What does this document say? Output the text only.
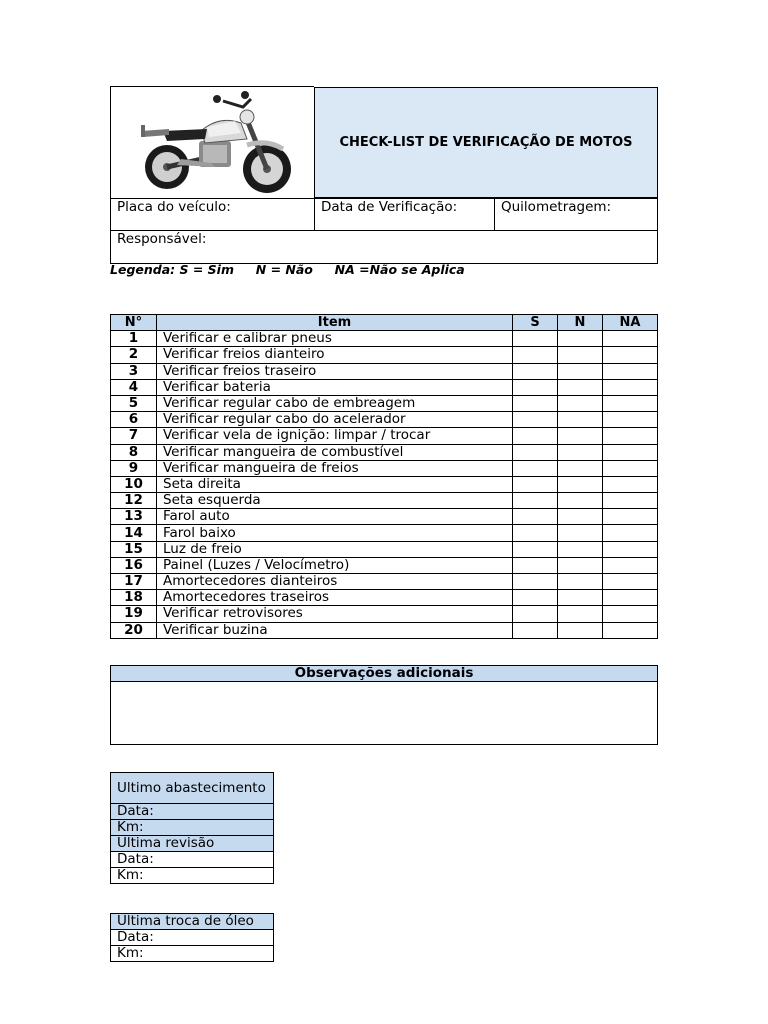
CHECK-LIST DE VERIFICAÇÃO DE MOTOS
Placa do veículo:	Data de Verificação:	Quilometragem:
Responsável:
Legenda: S = Sim     N = Não     NA =Não se Aplica
N°	Item	S	N	NA
1	Verificar e calibrar pneus			
2	Verificar freios dianteiro			
3	Verificar freios traseiro			
4	Verificar bateria			
5	Verificar regular cabo de embreagem			
6	Verificar regular cabo do acelerador			
7	Verificar vela de ignição: limpar / trocar			
8	Verificar mangueira de combustível			
9	Verificar mangueira de freios			
10	Seta direita			
12	Seta esquerda			
13	Farol auto			
14	Farol baixo			
15	Luz de freio			
16	Painel (Luzes / Velocímetro)			
17	Amortecedores dianteiros			
18	Amortecedores traseiros			
19	Verificar retrovisores			
20	Verificar buzina			
Observações adicionais
Ultimo abastecimento
Data:
Km:
Ultima revisão
Data:
Km:
Ultima troca de óleo
Data:
Km:
